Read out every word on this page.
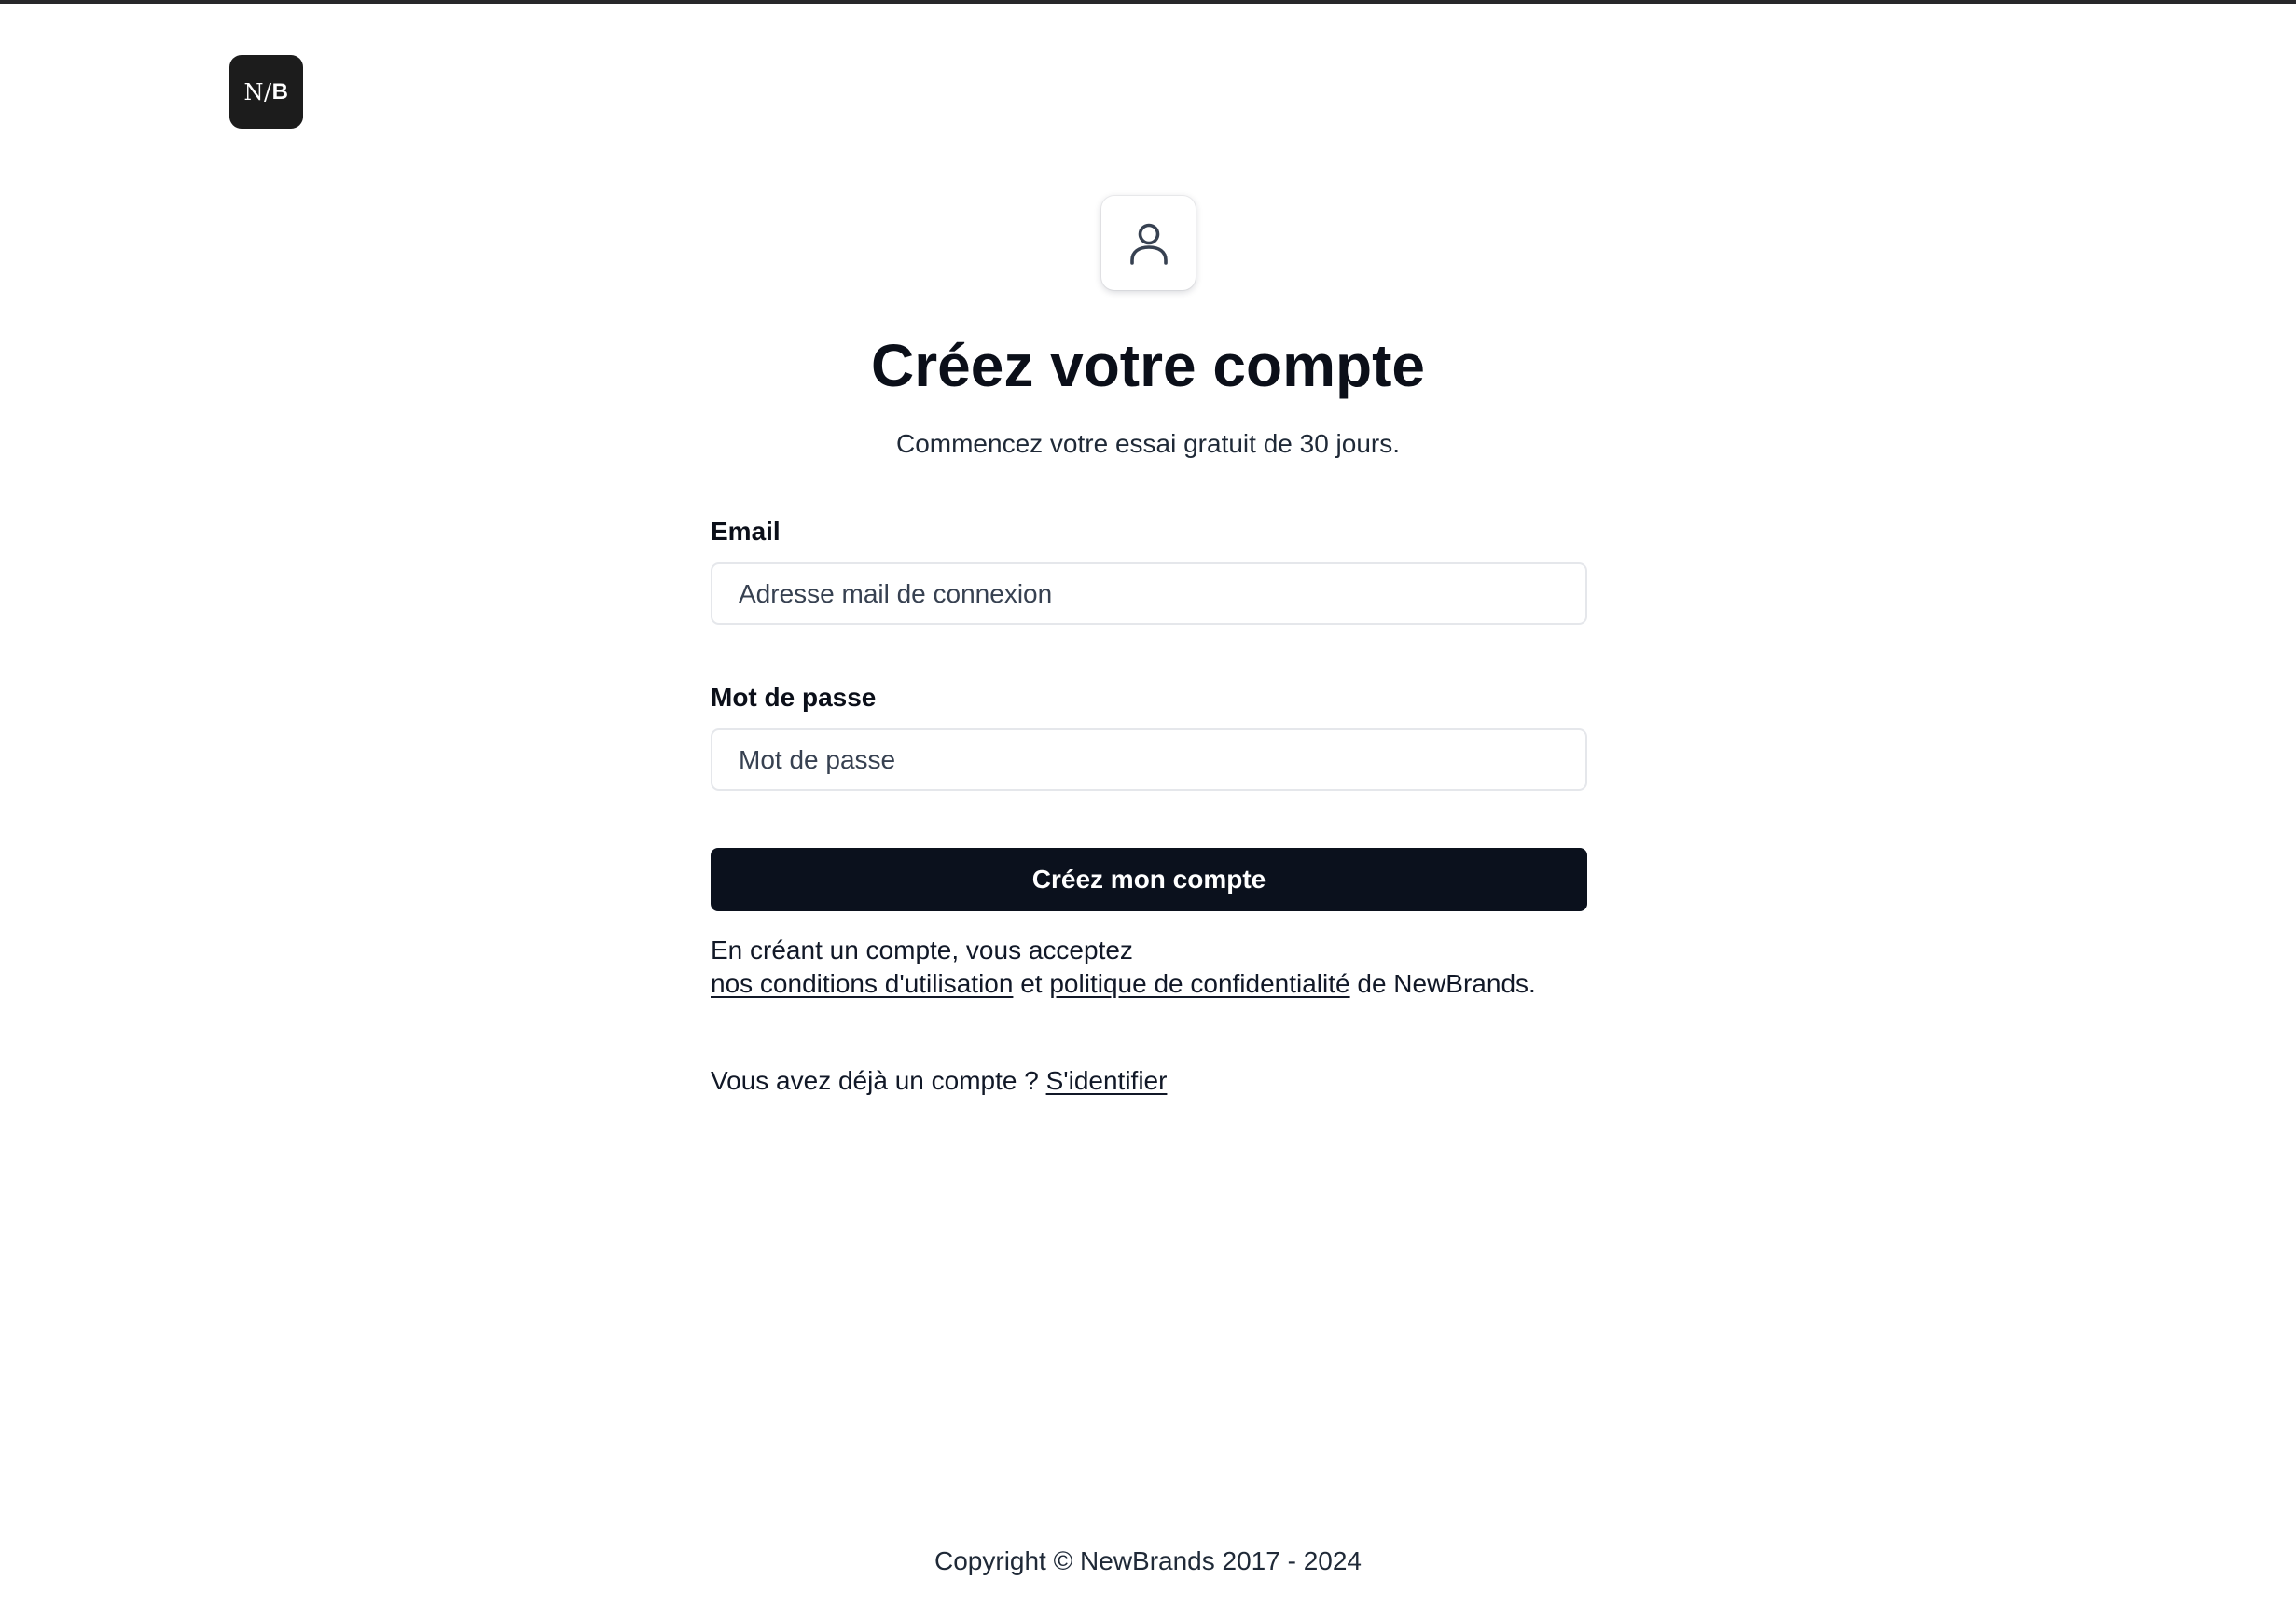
N/ B
Créez votre compte
Commencez votre essai gratuit de 30 jours.
Email
Adresse mail de connexion
Mot de passe
Créez mon compte
En créant un compte, vous acceptez
nos conditions d'utilisation et politique de confidentialité de NewBrands.
Vous avez déjà un compte ? S'identifier
Copyright © NewBrands 2017 - 2024
